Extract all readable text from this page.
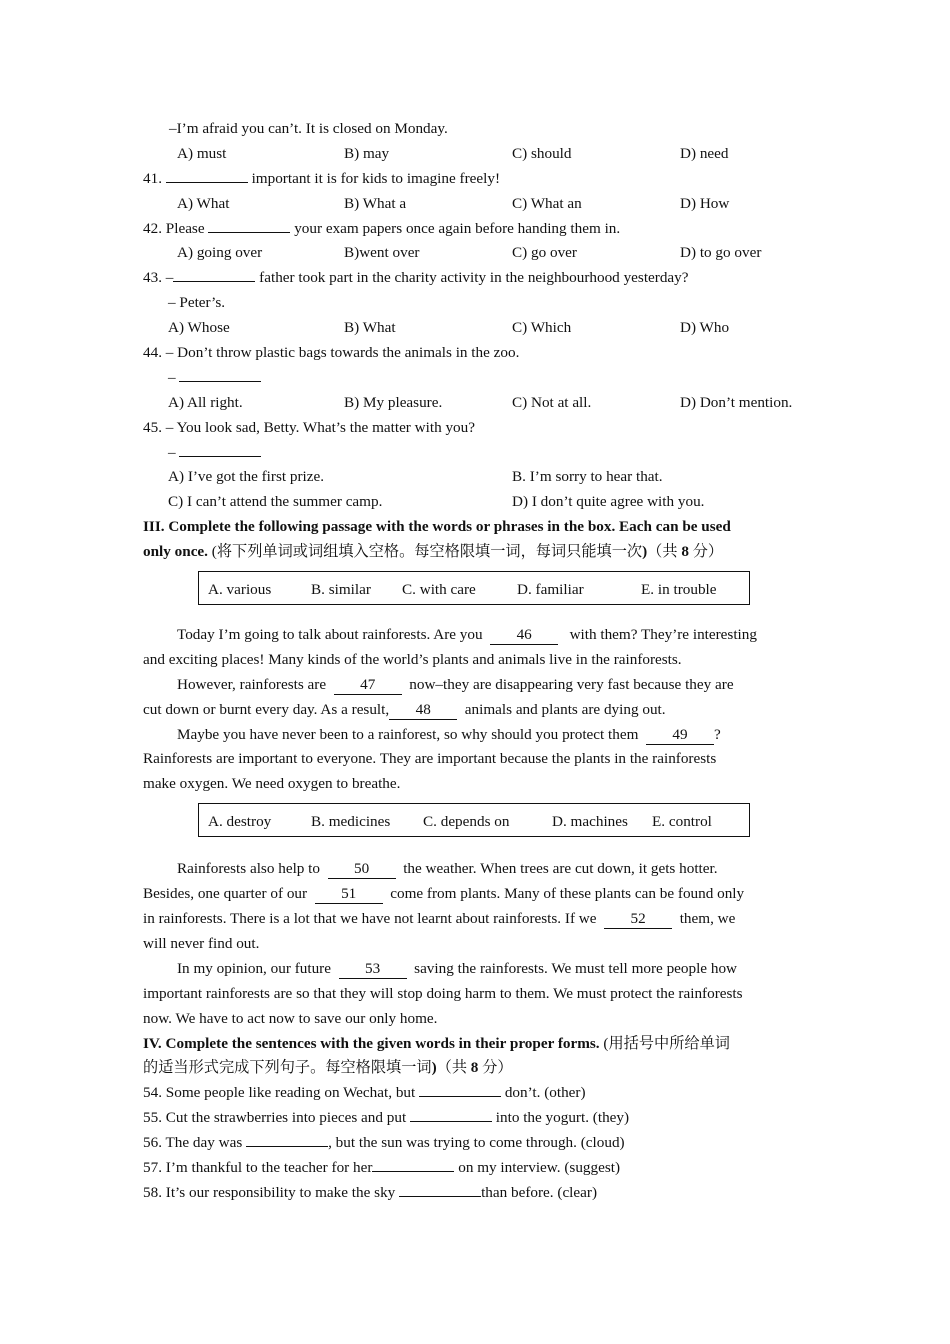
–I’m afraid you can’t. It is closed on Monday.
A) must	B) may	C) should	D) need
41.	important it is for kids to imagine freely!
A) What	B) What a	C) What an	D) How
42. Please	your exam papers once again before handing them in.
A) going over	B)went over	C) go over	D) to go over
43. –	father took part in the charity activity in the neighbourhood yesterday?
– Peter’s.
A) Whose	B) What	C) Which	D) Who
44. – Don’t throw plastic bags towards the animals in the zoo.
–
A) All right.	B) My pleasure.	C) Not at all.	D) Don’t mention.
45. – You look sad, Betty. What’s the matter with you?
–
A) I’ve got the first prize.	B. I’m sorry to hear that.
C) I can’t attend the summer camp.	D) I don’t quite agree with you.
III. Complete the following passage with the words or phrases in the box. Each can be used
only once. (将下列单词或词组填入空格。每空格限填一词，每词只能填一次)（共 8 分）
A. various	B. similar C. with care	D. familiar	E. in trouble
Today I’m going to talk about rainforests. Are you 46 with them? They’re interesting
and exciting places! Many kinds of the world’s plants and animals live in the rainforests.
However, rainforests are 47 now–they are disappearing very fast because they are
cut down or burnt every day. As a result, 48 animals and plants are dying out.
Maybe you have never been to a rainforest, so why should you protect them 49 ?
Rainforests are important to everyone. They are important because the plants in the rainforests
make oxygen. We need oxygen to breathe.
A. destroy	B. medicines C. depends on	D. machines E. control
Rainforests also help to 50 the weather. When trees are cut down, it gets hotter.
Besides, one quarter of our 51 come from plants. Many of these plants can be found only
in rainforests. There is a lot that we have not learnt about rainforests. If we 52 them, we
will never find out.
In my opinion, our future 53 saving the rainforests. We must tell more people how
important rainforests are so that they will stop doing harm to them. We must protect the rainforests
now. We have to act now to save our only home.
IV. Complete the sentences with the given words in their proper forms. (用括号中所给单词
的适当形式完成下列句子。每空格限填一词)（共 8 分）
54. Some people like reading on Wechat, but	don’t. (other)
55. Cut the strawberries into pieces and put	into the yogurt. (they)
56. The day was	, but the sun was trying to come through. (cloud)
57. I’m thankful to the teacher for her	on my interview. (suggest)
58. It’s our responsibility to make the sky	than before. (clear)
